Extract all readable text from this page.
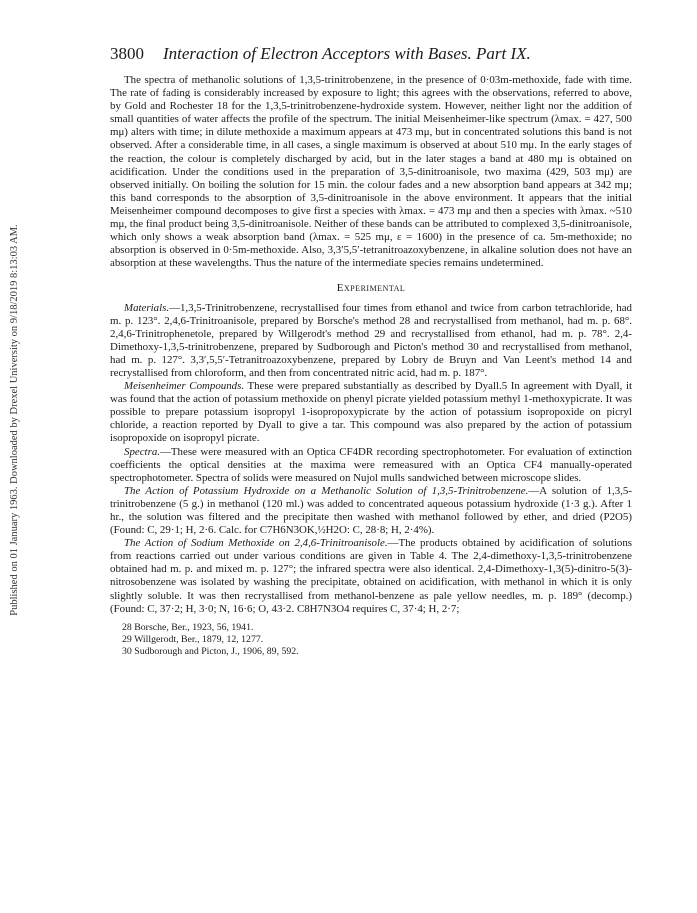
Published on 01 January 1963. Downloaded by Drexel University on 9/18/2019 8:13:03 AM.
3800 Interaction of Electron Acceptors with Bases. Part IX.

The spectra of methanolic solutions of 1,3,5-trinitrobenzene, in the presence of 0·03m-methoxide, fade with time. The rate of fading is considerably increased by exposure to light; this agrees with the observations, referred to above, by Gold and Rochester 18 for the 1,3,5-trinitrobenzene-hydroxide system. However, neither light nor the addition of small quantities of water affects the profile of the spectrum. The initial Meisenheimer-like spectrum (λmax. = 427, 500 mμ) alters with time; in dilute methoxide a maximum appears at 473 mμ, but in concentrated solutions this band is not observed. After a considerable time, in all cases, a single maximum is observed at about 510 mμ. In the early stages of the reaction, the colour is completely discharged by acid, but in the later stages a band at 480 mμ is obtained on acidification. Under the conditions used in the preparation of 3,5-dinitroanisole, two maxima (429, 503 mμ) are observed initially. On boiling the solution for 15 min. the colour fades and a new absorption band appears at 342 mμ; this band corresponds to the absorption of 3,5-dinitroanisole in the above environment. It appears that the initial Meisenheimer compound decomposes to give first a species with λmax. = 473 mμ and then a species with λmax. ~510 mμ, the final product being 3,5-dinitroanisole. Neither of these bands can be attributed to complexed 3,5-dinitroanisole, which only shows a weak absorption band (λmax. = 525 mμ, ε = 1600) in the presence of ca. 5m-methoxide; no absorption is observed in 0·5m-methoxide. Also, 3,3′5,5′-tetranitroazoxybenzene, in alkaline solution does not have an absorption at these wavelengths. Thus the nature of the intermediate species remains undetermined.

Experimental

Materials.—1,3,5-Trinitrobenzene, recrystallised four times from ethanol and twice from carbon tetrachloride, had m. p. 123°. 2,4,6-Trinitroanisole, prepared by Borsche's method 28 and recrystallised from methanol, had m. p. 68°. 2,4,6-Trinitrophenetole, prepared by Willgerodt's method 29 and recrystallised from ethanol, had m. p. 78°. 2,4-Dimethoxy-1,3,5-trinitrobenzene, prepared by Sudborough and Picton's method 30 and recrystallised from methanol, had m. p. 127°. 3,3′,5,5′-Tetranitroazoxybenzene, prepared by Lobry de Bruyn and Van Leent's method 14 and recrystallised from chloroform, and then from concentrated nitric acid, had m. p. 187°.

Meisenheimer Compounds. These were prepared substantially as described by Dyall.5 In agreement with Dyall, it was found that the action of potassium methoxide on phenyl picrate yielded potassium methyl 1-methoxypicrate. It was possible to prepare potassium isopropyl 1-isopropoxypicrate by the action of potassium isopropoxide on picryl chloride, a reaction reported by Dyall to give a tar. This compound was also prepared by the action of potassium isopropoxide on isopropyl picrate.

Spectra.—These were measured with an Optica CF4DR recording spectrophotometer. For evaluation of extinction coefficients the optical densities at the maxima were remeasured with an Optica CF4 manually-operated spectrophotometer. Spectra of solids were measured on Nujol mulls sandwiched between microscope slides.

The Action of Potassium Hydroxide on a Methanolic Solution of 1,3,5-Trinitrobenzene.—A solution of 1,3,5-trinitrobenzene (5 g.) in methanol (120 ml.) was added to concentrated aqueous potassium hydroxide (1·3 g.). After 1 hr., the solution was filtered and the precipitate then washed with methanol followed by ether, and dried (P2O5) (Found: C, 29·1; H, 2·6. Calc. for C7H6N3OK,½H2O: C, 28·8; H, 2·4%).

The Action of Sodium Methoxide on 2,4,6-Trinitroanisole.—The products obtained by acidification of solutions from reactions carried out under various conditions are given in Table 4. The 2,4-dimethoxy-1,3,5-trinitrobenzene obtained had m. p. and mixed m. p. 127°; the infrared spectra were also identical. 2,4-Dimethoxy-1,3(5)-dinitro-5(3)-nitrosobenzene was isolated by washing the precipitate, obtained on acidification, with methanol in which it is only slightly soluble. It was then recrystallised from methanol-benzene as pale yellow needles, m. p. 189° (decomp.) (Found: C, 37·2; H, 3·0; N, 16·6; O, 43·2. C8H7N3O4 requires C, 37·4; H, 2·7;

28 Borsche, Ber., 1923, 56, 1941.
29 Willgerodt, Ber., 1879, 12, 1277.
30 Sudborough and Picton, J., 1906, 89, 592.
